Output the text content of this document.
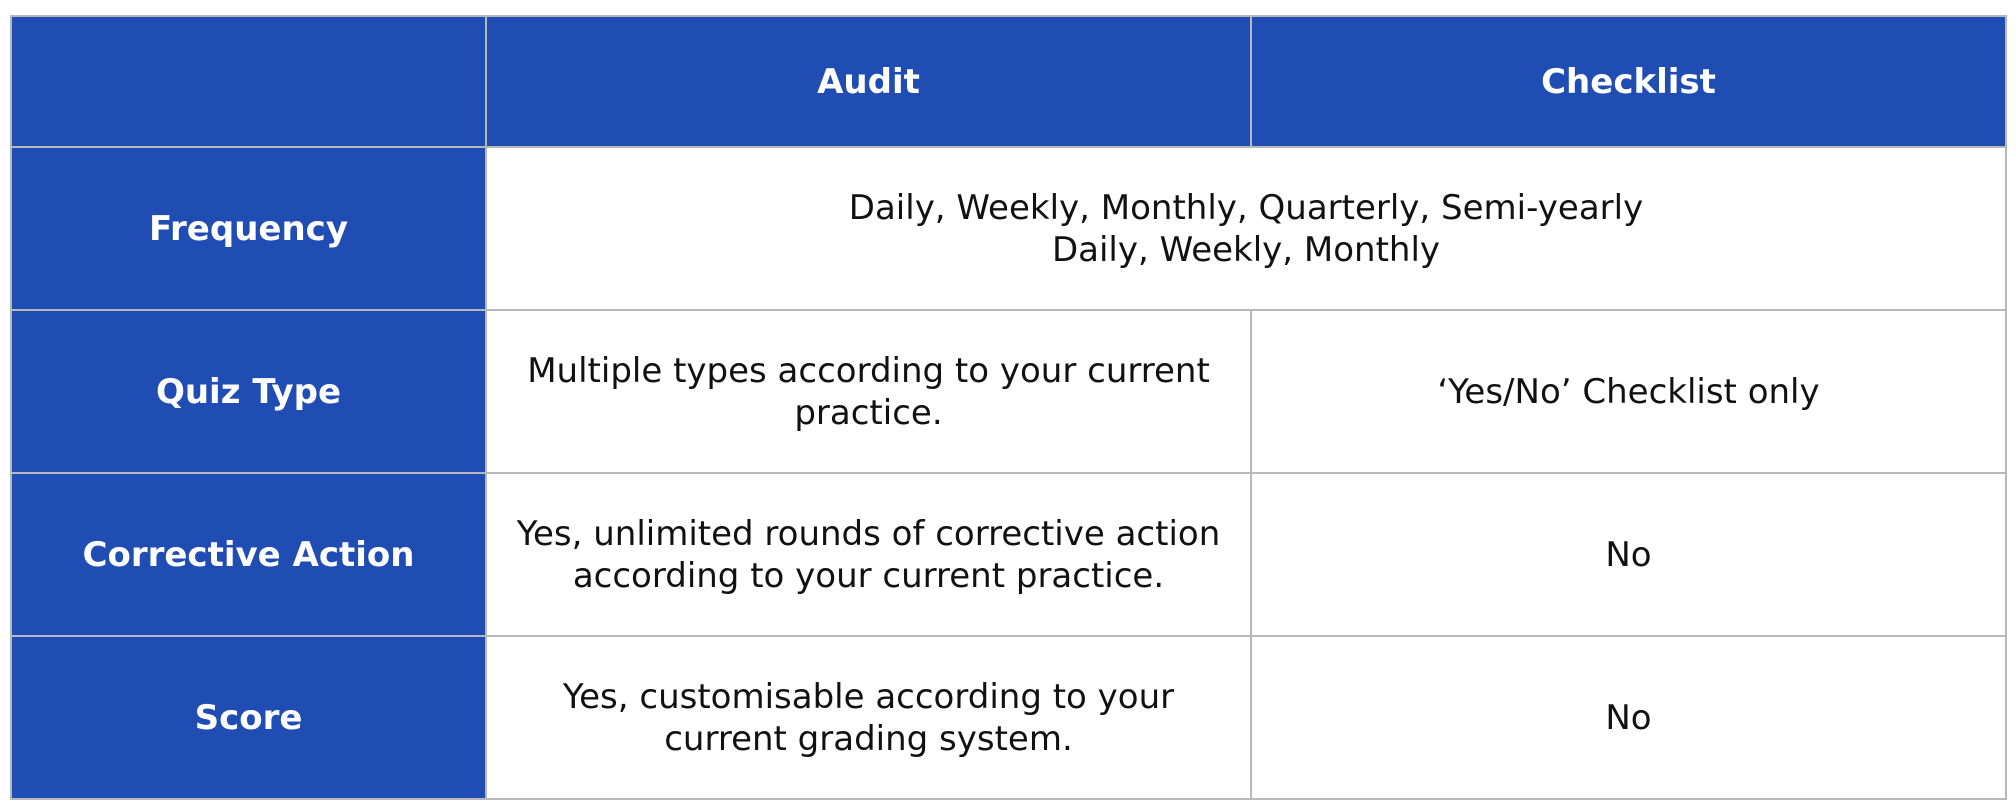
	Audit	Checklist
Frequency	Daily, Weekly, Monthly, Quarterly, Semi-yearly
Daily, Weekly, Monthly	

Quiz Type	Multiple types according to your current practice.	‘Yes/No’ Checklist only
Corrective Action	Yes, unlimited rounds of corrective action according to your current practice.	No
Score	Yes, customisable according to your current grading system.	No
